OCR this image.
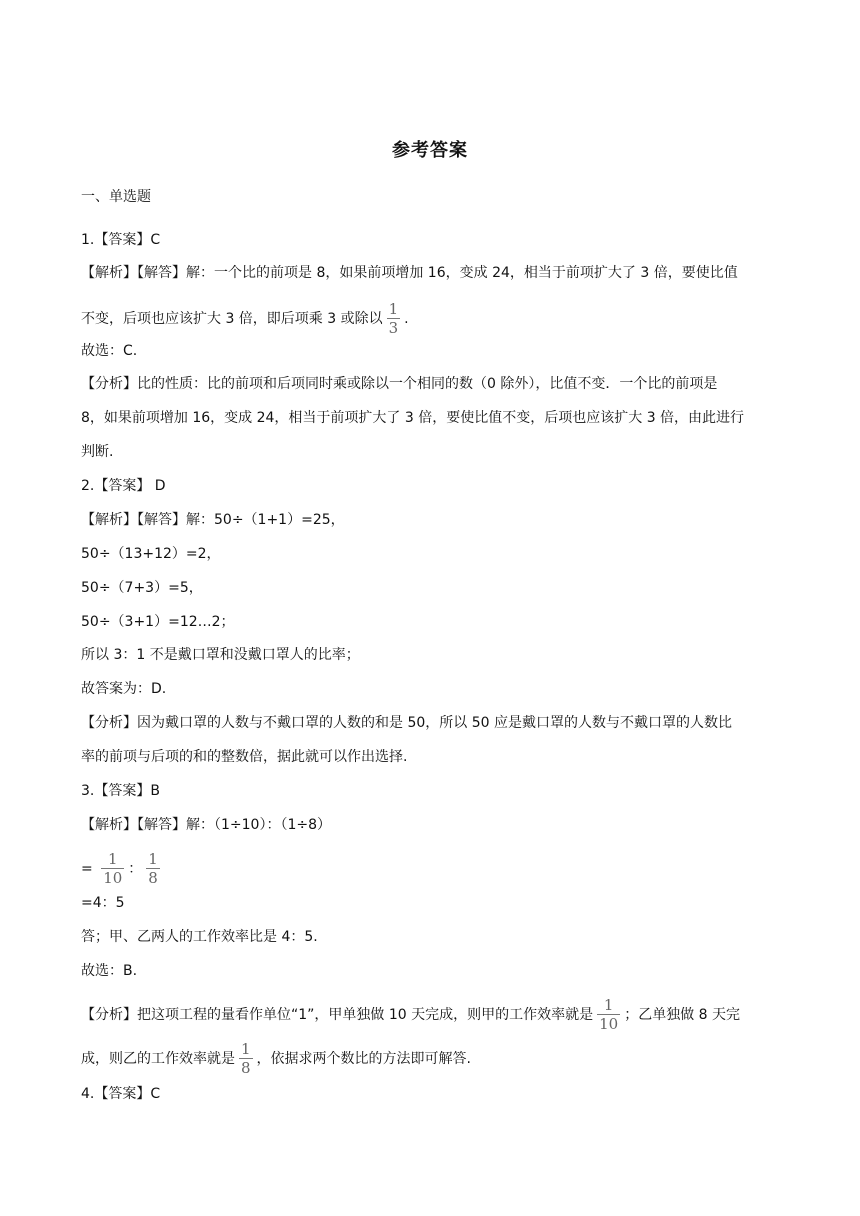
参考答案
一、单选题
1.【答案】C
【解析】【解答】解：一个比的前项是 8，如果前项增加 16，变成 24，相当于前项扩大了 3 倍，要使比值
不变，后项也应该扩大 3 倍，即后项乘 3 或除以 $\frac{1}{3}$ .
故选：C.
【分析】比的性质：比的前项和后项同时乘或除以一个相同的数（0 除外），比值不变．一个比的前项是
8，如果前项增加 16，变成 24，相当于前项扩大了 3 倍，要使比值不变，后项也应该扩大 3 倍，由此进行
判断.
2.【答案】 D
【解析】【解答】解：50÷（1+1）=25，
50÷（13+12）=2，
50÷（7+3）=5，
50÷（3+1）=12…2；
所以 3：1 不是戴口罩和没戴口罩人的比率；
故答案为：D.
【分析】因为戴口罩的人数与不戴口罩的人数的和是 50，所以 50 应是戴口罩的人数与不戴口罩的人数比
率的前项与后项的和的整数倍，据此就可以作出选择.
3.【答案】B
【解析】【解答】解：（1÷10）：（1÷8）
= $\frac{1}{10}$ ： $\frac{1}{8}$
=4：5
答；甲、乙两人的工作效率比是 4：5.
故选：B.
【分析】把这项工程的量看作单位“1”，甲单独做 10 天完成，则甲的工作效率就是 $\frac{1}{10}$ ；乙单独做 8 天完
成，则乙的工作效率就是 $\frac{1}{8}$ ，依据求两个数比的方法即可解答.
4.【答案】C
